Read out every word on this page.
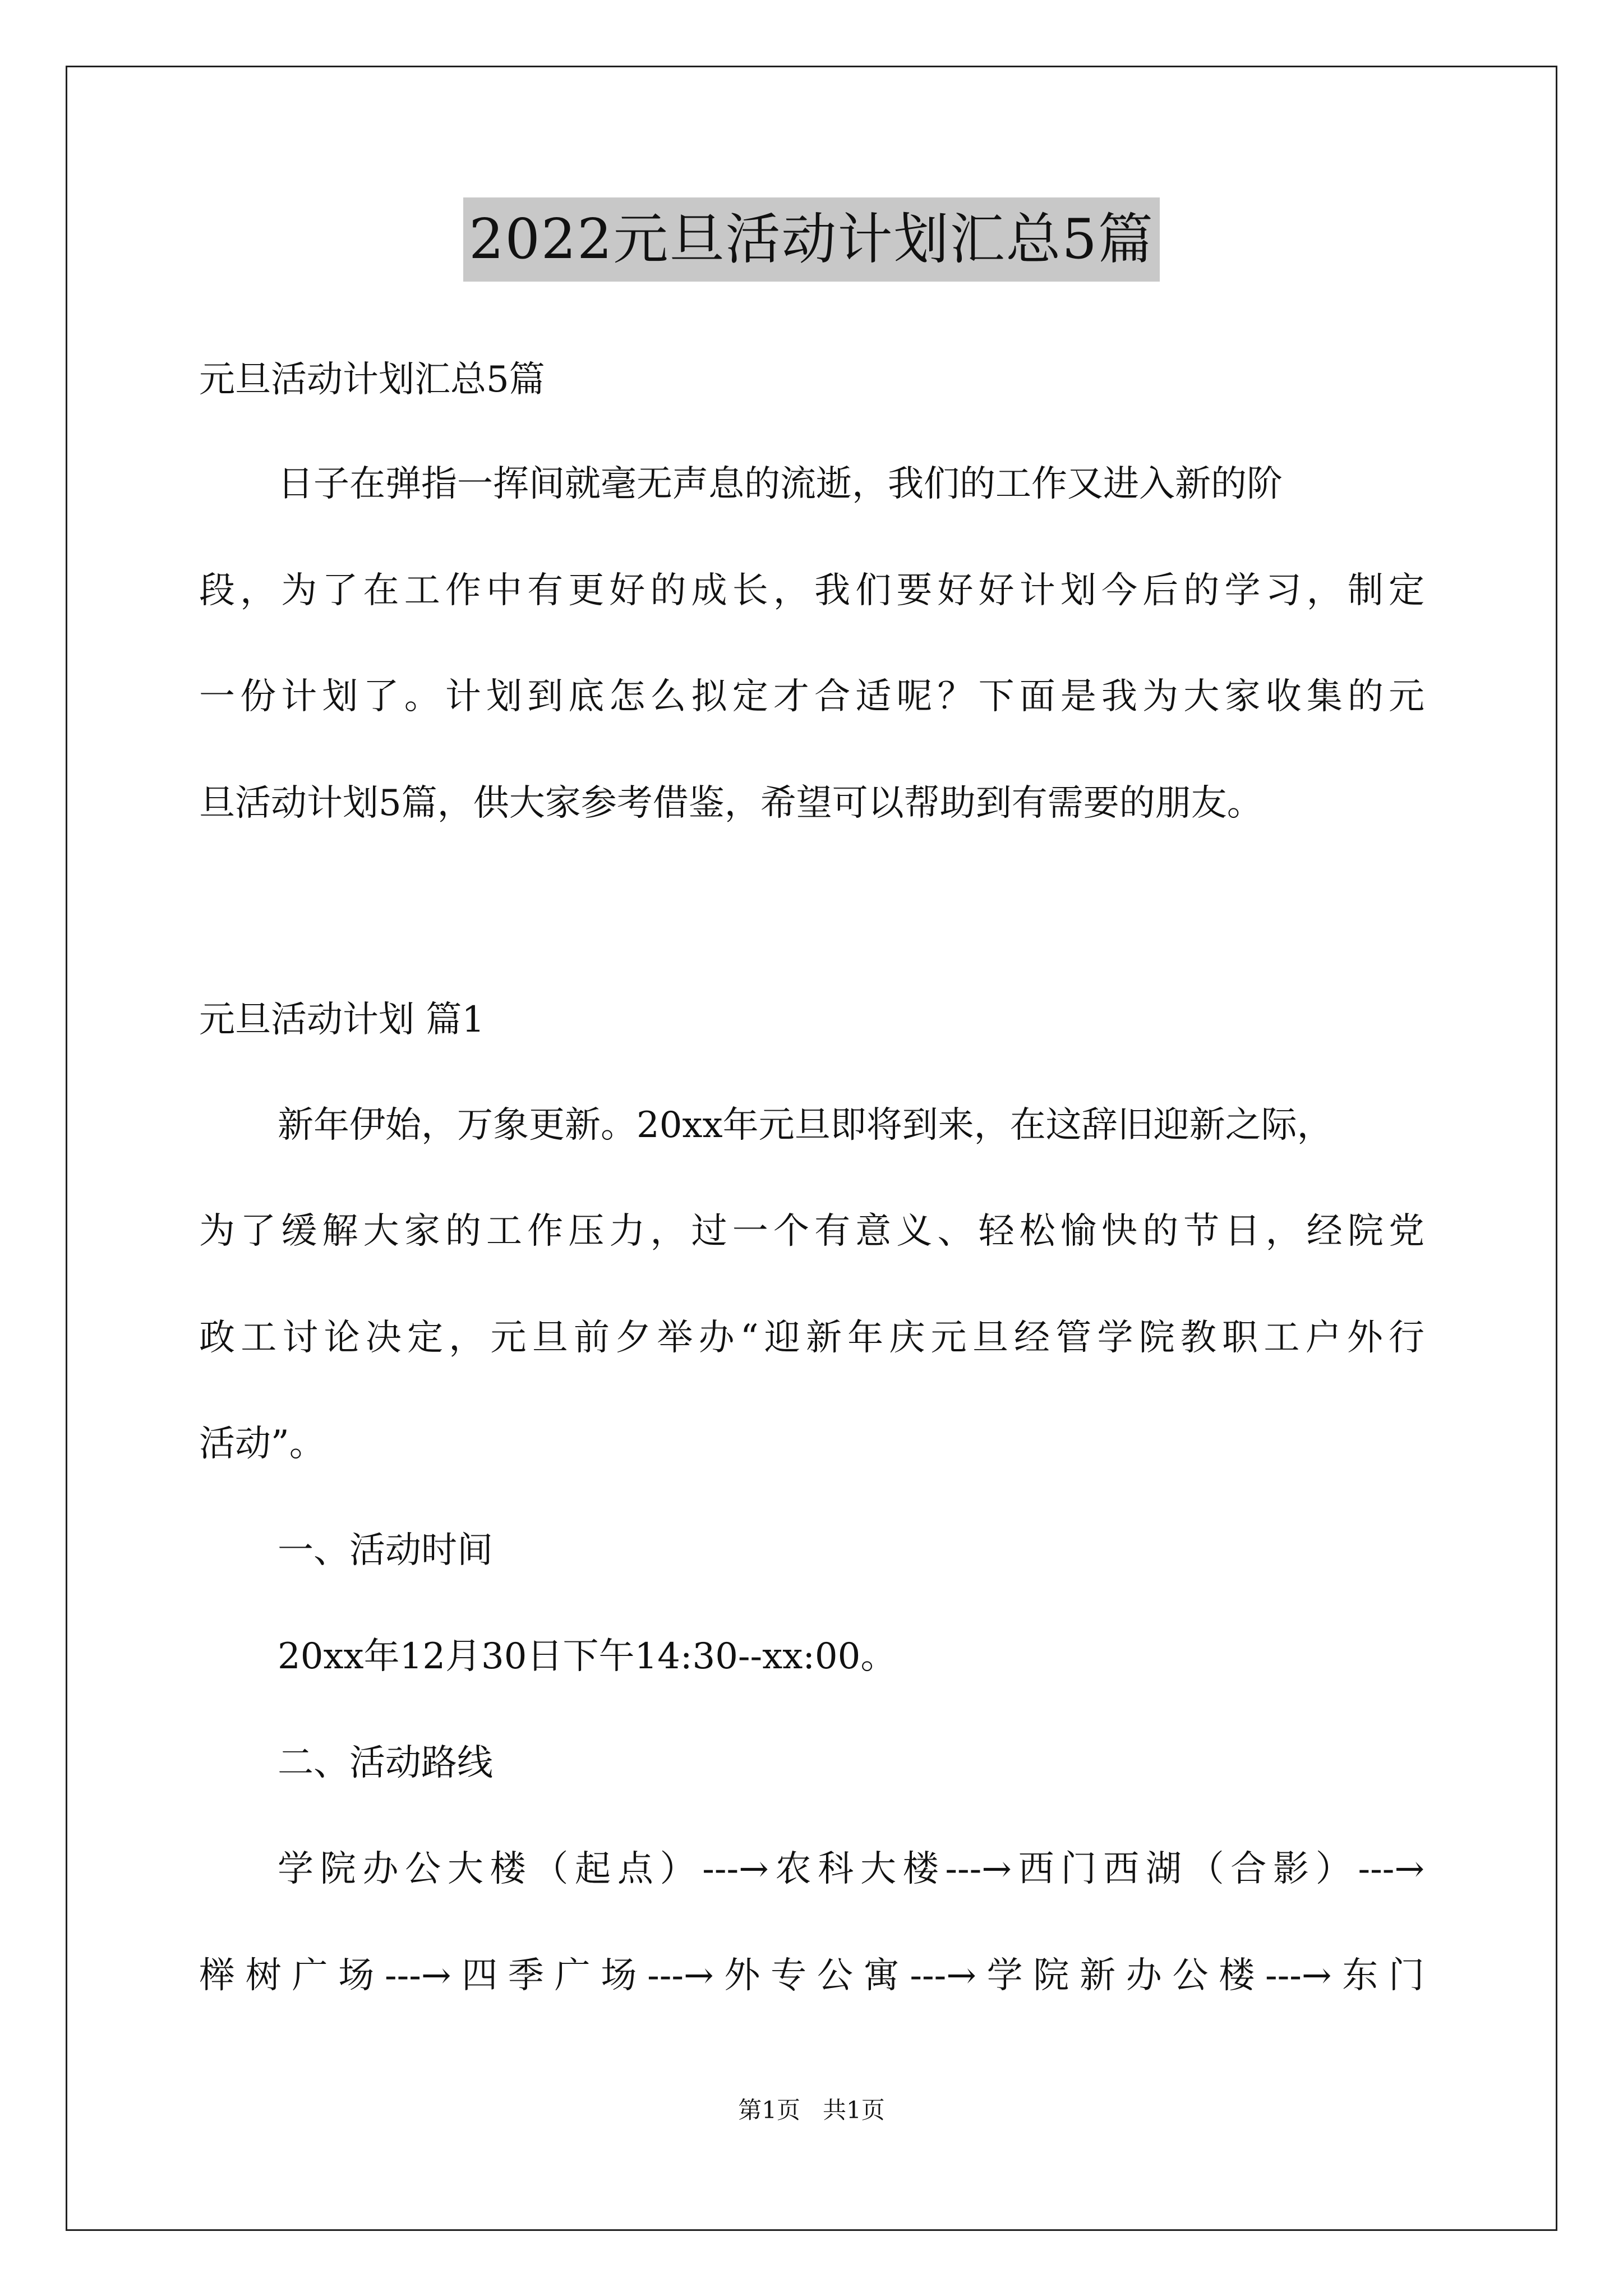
2022元旦活动计划汇总5篇
元旦活动计划汇总5篇
日子在弹指一挥间就毫无声息的流逝，我们的工作又进入新的阶
段，为了在工作中有更好的成长，我们要好好计划今后的学习，制定
一份计划了。计划到底怎么拟定才合适呢？下面是我为大家收集的元
旦活动计划5篇，供大家参考借鉴，希望可以帮助到有需要的朋友。
元旦活动计划 篇1
新年伊始，万象更新。20xx年元旦即将到来，在这辞旧迎新之际，
为了缓解大家的工作压力，过一个有意义、轻松愉快的节日，经院党
政工讨论决定，元旦前夕举办“迎新年庆元旦经管学院教职工户外行
活动”。
一、活动时间
20xx年12月30日下午14:30--xx:00。
二、活动路线
学院办公大楼（起点）---→农科大楼---→西门西湖（合影）---→
榉树广场---→四季广场---→外专公寓---→学院新办公楼---→东门
第1页   共1页
